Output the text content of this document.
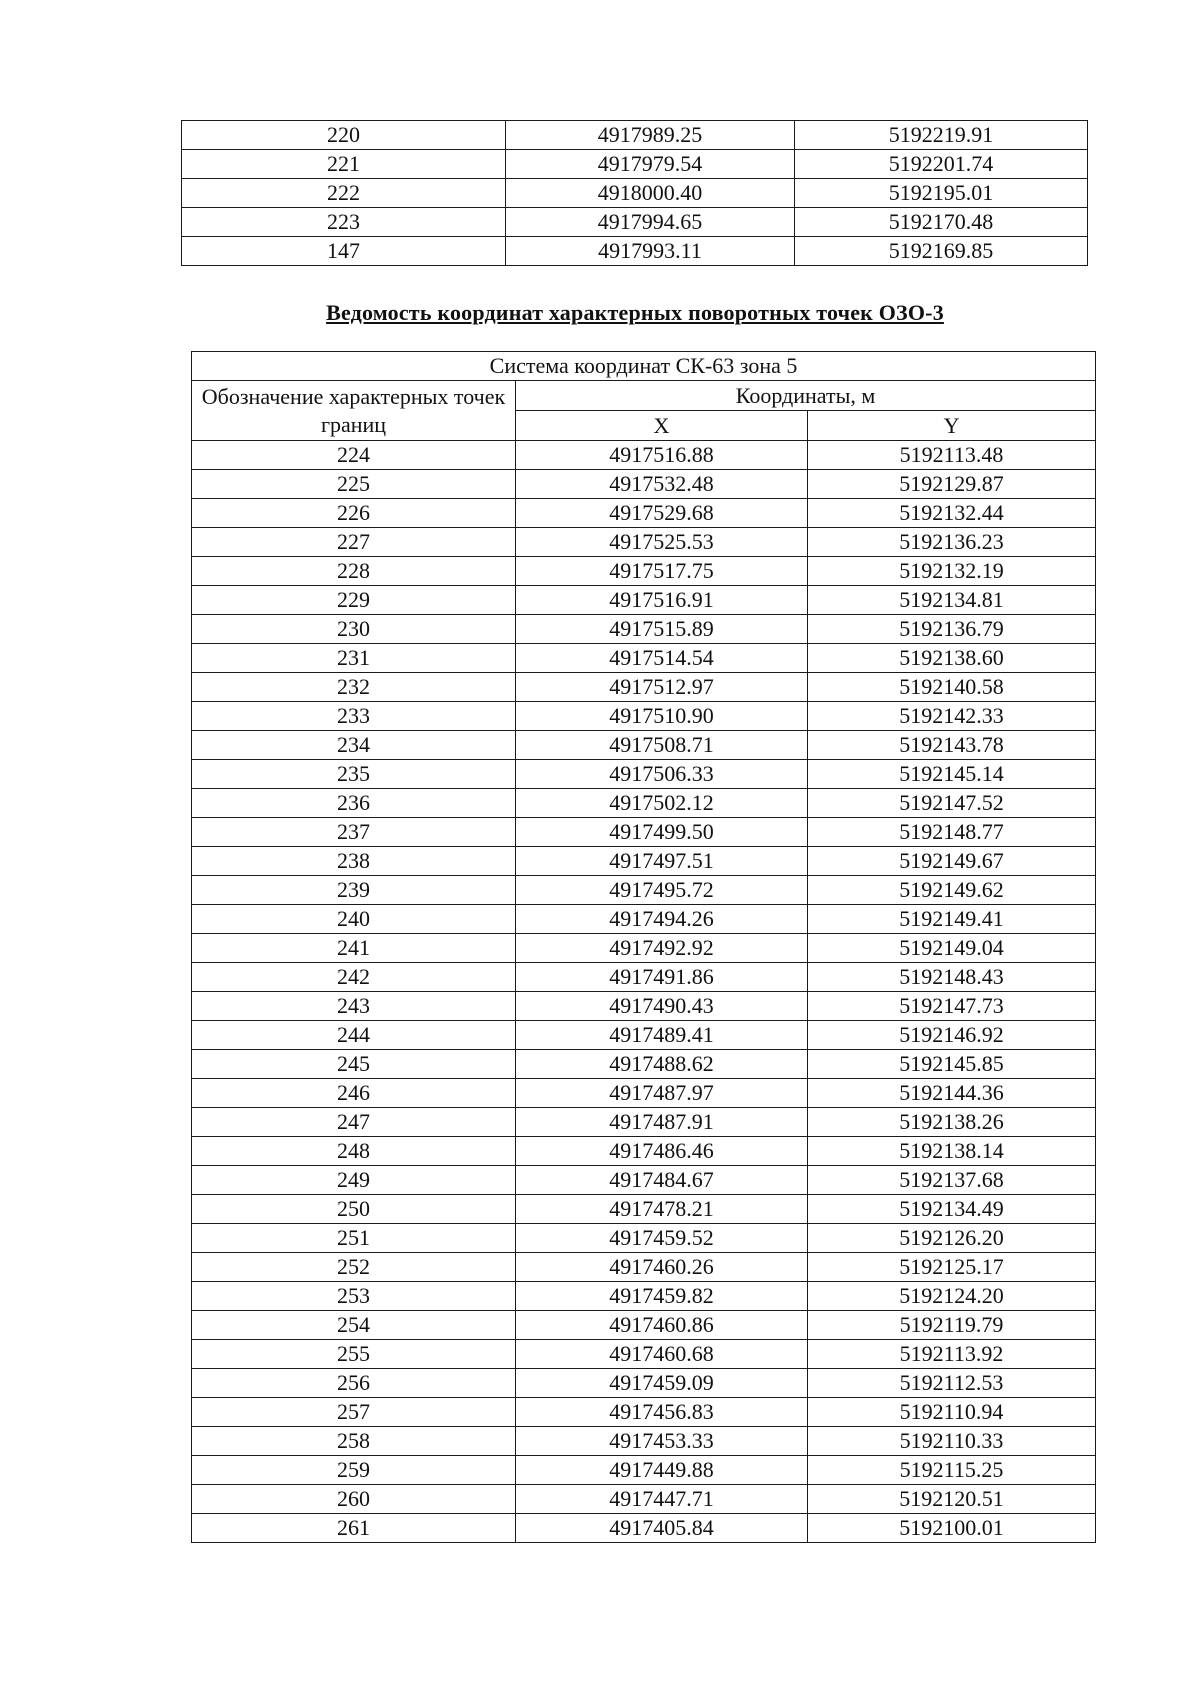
220	4917989.25	5192219.91
221	4917979.54	5192201.74
222	4918000.40	5192195.01
223	4917994.65	5192170.48
147	4917993.11	5192169.85
Ведомость координат характерных поворотных точек ОЗО-3
Система координат СК-63 зона 5		
Обозначение характерных точек границ	Координаты, м	
	X	Y
224	4917516.88	5192113.48
225	4917532.48	5192129.87
226	4917529.68	5192132.44
227	4917525.53	5192136.23
228	4917517.75	5192132.19
229	4917516.91	5192134.81
230	4917515.89	5192136.79
231	4917514.54	5192138.60
232	4917512.97	5192140.58
233	4917510.90	5192142.33
234	4917508.71	5192143.78
235	4917506.33	5192145.14
236	4917502.12	5192147.52
237	4917499.50	5192148.77
238	4917497.51	5192149.67
239	4917495.72	5192149.62
240	4917494.26	5192149.41
241	4917492.92	5192149.04
242	4917491.86	5192148.43
243	4917490.43	5192147.73
244	4917489.41	5192146.92
245	4917488.62	5192145.85
246	4917487.97	5192144.36
247	4917487.91	5192138.26
248	4917486.46	5192138.14
249	4917484.67	5192137.68
250	4917478.21	5192134.49
251	4917459.52	5192126.20
252	4917460.26	5192125.17
253	4917459.82	5192124.20
254	4917460.86	5192119.79
255	4917460.68	5192113.92
256	4917459.09	5192112.53
257	4917456.83	5192110.94
258	4917453.33	5192110.33
259	4917449.88	5192115.25
260	4917447.71	5192120.51
261	4917405.84	5192100.01
